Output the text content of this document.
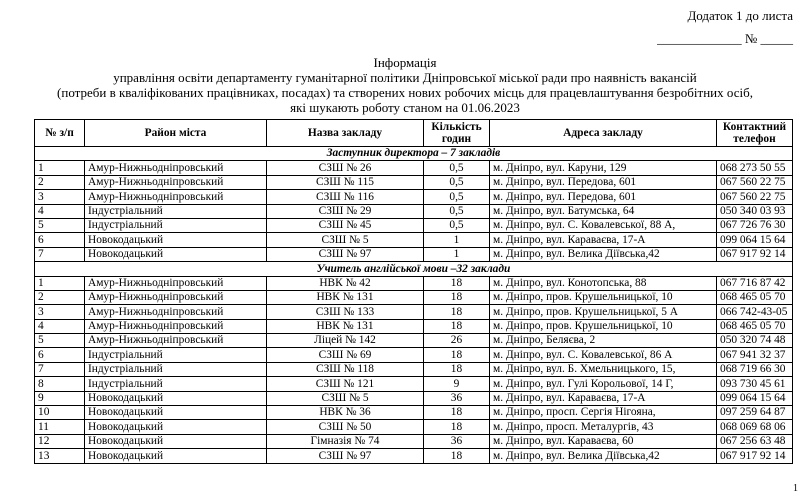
Додаток 1 до листа
_____________ № _____
Інформація
управління освіти департаменту гуманітарної політики Дніпровської міської ради про наявність вакансій
(потреби в кваліфікованих працівниках, посадах) та створених нових робочих місць для працевлаштування безробітних осіб,
які шукають роботу станом на 01.06.2023
№ з/п	Район міста	Назва закладу	Кількість годин	Адреса закладу	Контактний телефон
Заступник директора – 7 закладів					
1	Амур-Нижньодніпровський	СЗШ № 26	0,5	м. Дніпро, вул. Каруни, 129	068 273 50 55
2	Амур-Нижньодніпровський	СЗШ № 115	0,5	м. Дніпро, вул. Передова, 601	067 560 22 75
3	Амур-Нижньодніпровський	СЗШ № 116	0,5	м. Дніпро, вул. Передова, 601	067 560 22 75
4	Індустріальний	СЗШ № 29	0,5	м. Дніпро, вул. Батумська, 64	050 340 03 93
5	Індустріальний	СЗШ № 45	0,5	м. Дніпро, вул. С. Ковалевської, 88 А,	067 726 76 30
6	Новокодацький	СЗШ № 5	1	м. Дніпро, вул. Караваєва, 17-А	099 064 15 64
7	Новокодацький	СЗШ № 97	1	м. Дніпро, вул. Велика Діївська,42	067 917 92 14
Учитель англійської мови –32 заклади					
1	Амур-Нижньодніпровський	НВК № 42	18	м. Дніпро, вул. Конотопська, 88	067 716 87 42
2	Амур-Нижньодніпровський	НВК № 131	18	м. Дніпро, пров. Крушельницької, 10	068 465 05 70
3	Амур-Нижньодніпровський	СЗШ № 133	18	м. Дніпро, пров. Крушельницької, 5 А	066 742-43-05
4	Амур-Нижньодніпровський	НВК № 131	18	м. Дніпро, пров. Крушельницької, 10	068 465 05 70
5	Амур-Нижньодніпровський	Ліцей № 142	26	м. Дніпро, Беляєва, 2	050 320 74 48
6	Індустріальний	СЗШ № 69	18	м. Дніпро, вул. С. Ковалевської, 86 А	067 941 32 37
7	Індустріальний	СЗШ № 118	18	м. Дніпро, вул. Б. Хмельницького, 15,	068 719 66 30
8	Індустріальний	СЗШ № 121	9	м. Дніпро, вул. Гулі Корольової, 14 Г,	093 730 45 61
9	Новокодацький	СЗШ № 5	36	м. Дніпро, вул. Караваєва, 17-А	099 064 15 64
10	Новокодацький	НВК № 36	18	м. Дніпро, просп. Сергія Нігояна,	097 259 64 87
11	Новокодацький	СЗШ № 50	18	м. Дніпро, просп. Металургів, 43	068 069 68 06
12	Новокодацький	Гімназія № 74	36	м. Дніпро, вул. Караваєва, 60	067 256 63 48
13	Новокодацький	СЗШ № 97	18	м. Дніпро, вул. Велика Діївська,42	067 917 92 14
1
